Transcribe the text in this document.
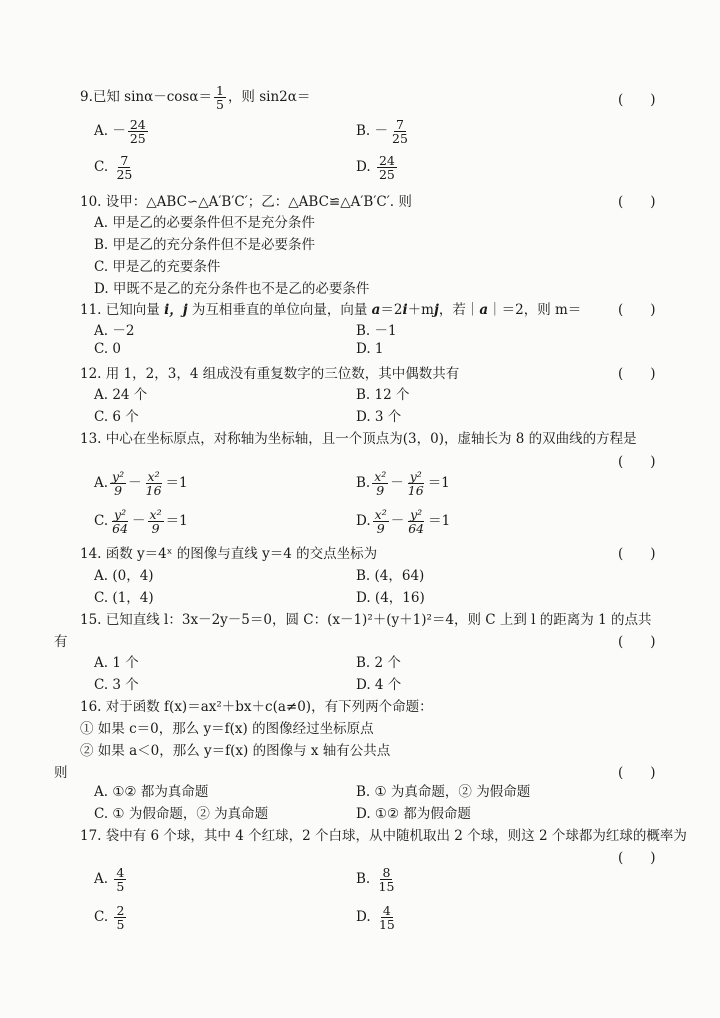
9.已知 $\sin\alpha-\cos\alpha= \frac{1}{5}$ ，则 sin2α＝	(　　)
A. － $\frac{24}{25}$	B. － $\frac{7}{25}$
C. $\frac{7}{25}$	D. $\frac{24}{25}$
10. 设甲：△ABC∽△A′B′C′；乙：△ABC≌△A′B′C′. 则	(　　)
A. 甲是乙的必要条件但不是充分条件
B. 甲是乙的充分条件但不是必要条件
C. 甲是乙的充要条件
D. 甲既不是乙的充分条件也不是乙的必要条件
11. 已知向量 i，j 为互相垂直的单位向量，向量 a＝2i＋mj，若｜a｜＝2，则 m＝	(　　)
A. －2	B. －1
C. 0	D. 1
12. 用 1，2，3，4 组成没有重复数字的三位数，其中偶数共有	(　　)
A. 24 个	B. 12 个
C. 6 个	D. 3 个
13. 中心在坐标原点，对称轴为坐标轴，且一个顶点为(3，0)，虚轴长为 8 的双曲线的方程是
(　　)
A. $\frac{\text{y²}}{9} - \frac{\text{x²}}{16} =1$	B. $\frac{\text{x²}}{9} - \frac{\text{y²}}{16} =1$
C. $\frac{\text{y²}}{64} - \frac{\text{x²}}{9} =1$	D. $\frac{\text{x²}}{9} - \frac{\text{y²}}{64} =1$
14. 函数 y＝4ˣ 的图像与直线 y＝4 的交点坐标为	(　　)
A. (0，4)	B. (4，64)
C. (1，4)	D. (4，16)
15. 已知直线 l：3x－2y－5＝0，圆 C：(x－1)²＋(y＋1)²＝4，则 C 上到 l 的距离为 1 的点共
有	(　　)
A. 1 个	B. 2 个
C. 3 个	D. 4 个
16. 对于函数 f(x)＝ax²＋bx＋c(a≠0)，有下列两个命题：
① 如果 c＝0，那么 y＝f(x) 的图像经过坐标原点
② 如果 a＜0，那么 y＝f(x) 的图像与 x 轴有公共点
则	(　　)
A. ①② 都为真命题	B. ① 为真命题，② 为假命题
C. ① 为假命题，② 为真命题	D. ①② 都为假命题
17. 袋中有 6 个球，其中 4 个红球，2 个白球，从中随机取出 2 个球，则这 2 个球都为红球的概率为
(　　)
A. $\frac{4}{5}$	B. $\frac{8}{15}$
C. $\frac{2}{5}$	D. $\frac{4}{15}$
